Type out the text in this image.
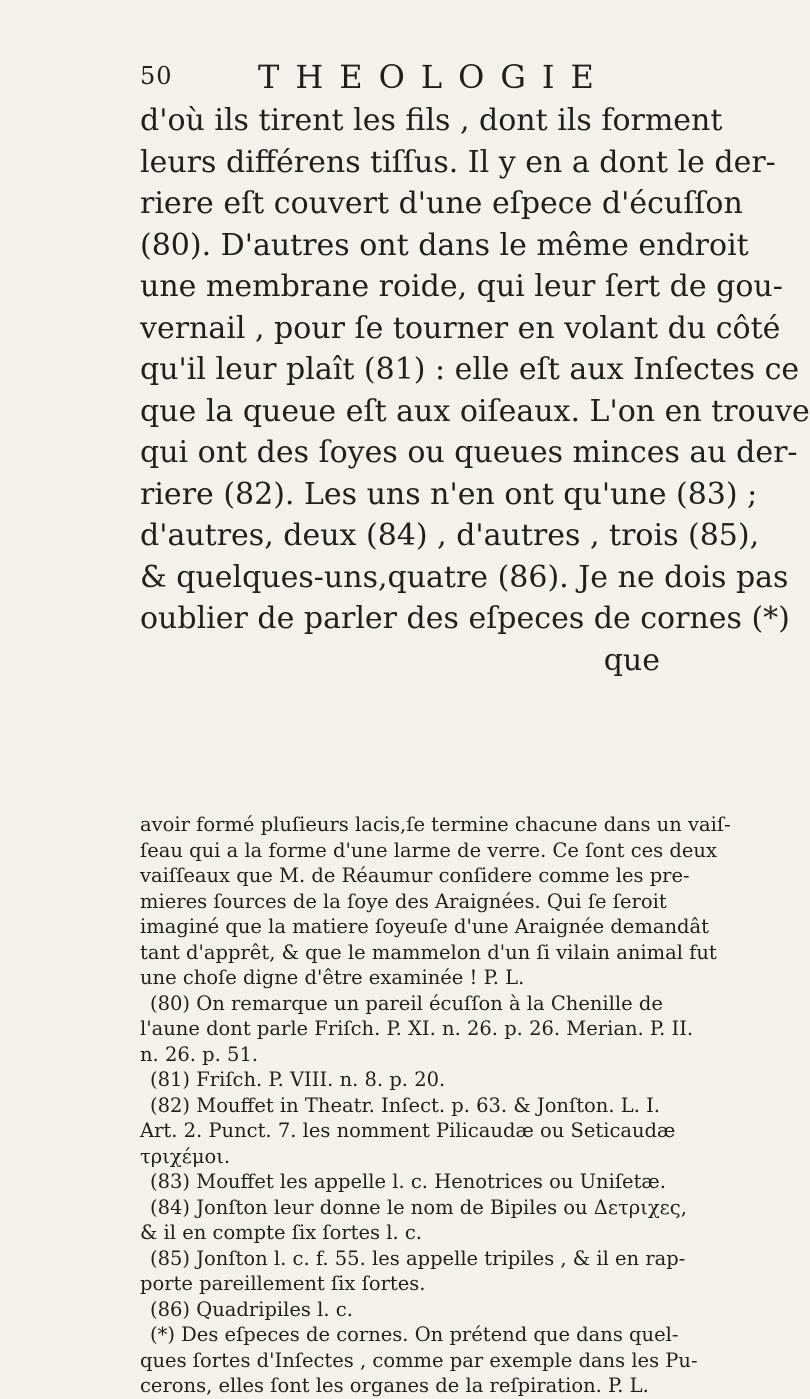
50	THEOLOGIE
d'où ils tirent les fils , dont ils forment
leurs différens tiſſus. Il y en a dont le der-
riere eſt couvert d'une eſpece d'écuſſon
(80). D'autres ont dans le même endroit
une membrane roide, qui leur ſert de gou-
vernail , pour ſe tourner en volant du côté
qu'il leur plaît (81) : elle eſt aux Inſectes ce
que la queue eſt aux oiſeaux. L'on en trouve
qui ont des ſoyes ou queues minces au der-
riere (82). Les uns n'en ont qu'une (83) ;
d'autres, deux (84) , d'autres , trois (85),
& quelques-uns,quatre (86). Je ne dois pas
oublier de parler des eſpeces de cornes (*)
que
avoir formé pluſieurs lacis,ſe termine chacune dans un vaiſ-
ſeau qui a la forme d'une larme de verre. Ce ſont ces deux
vaiſſeaux que M. de Réaumur conſidere comme les pre-
mieres ſources de la ſoye des Araignées. Qui ſe ſeroit
imaginé que la matiere ſoyeuſe d'une Araignée demandât
tant d'apprêt, & que le mammelon d'un ſi vilain animal fut
une choſe digne d'être examinée ! P. L.
(80) On remarque un pareil écuſſon à la Chenille de
l'aune dont parle Friſch. P. XI. n. 26. p. 26. Merian. P. II.
n. 26. p. 51.
(81) Friſch. P. VIII. n. 8. p. 20.
(82) Mouffet in Theatr. Inſect. p. 63. & Jonſton. L. I.
Art. 2. Punct. 7. les nomment Pilicaudæ ou Seticaudæ
τριχέμοι.
(83) Mouffet les appelle l. c. Henotrices ou Uniſetæ.
(84) Jonſton leur donne le nom de Bipiles ou Δετριχες,
& il en compte ſix ſortes l. c.
(85) Jonſton l. c. f. 55. les appelle tripiles , & il en rap-
porte pareillement ſix ſortes.
(86) Quadripiles l. c.
(*) Des eſpeces de cornes. On prétend que dans quel-
ques ſortes d'Inſectes , comme par exemple dans les Pu-
cerons, elles ſont les organes de la reſpiration. P. L.
